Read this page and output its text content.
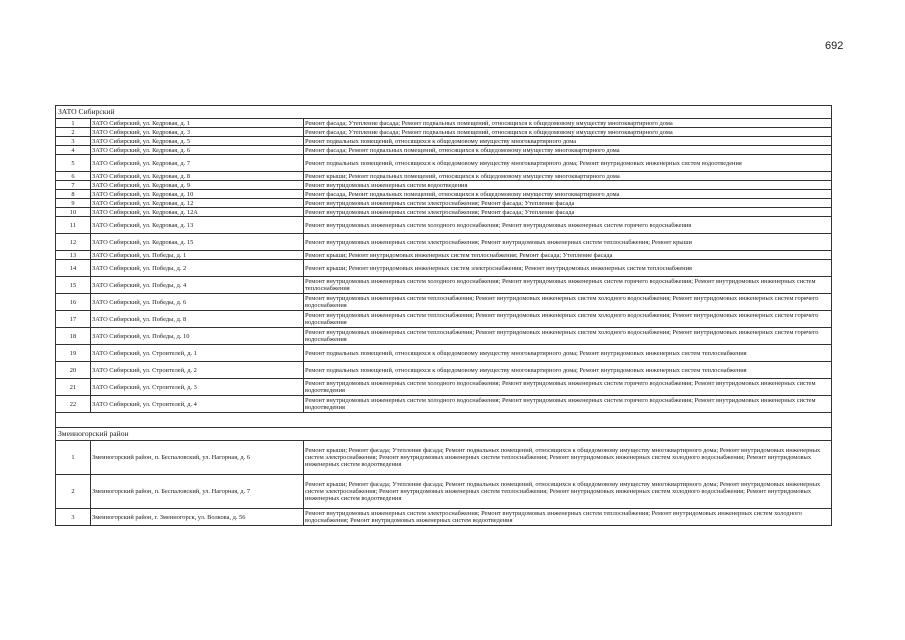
692
ЗАТО Сибирский		
1	ЗАТО Сибирский, ул. Кедровая, д. 1	Ремонт фасада; Утепление фасада; Ремонт подвальных помещений, относящихся к общедомовому имуществу многоквартирного дома
2	ЗАТО Сибирский, ул. Кедровая, д. 3	Ремонт фасада; Утепление фасада; Ремонт подвальных помещений, относящихся к общедомовому имуществу многоквартирного дома
3	ЗАТО Сибирский, ул. Кедровая, д. 5	Ремонт подвальных помещений, относящихся к общедомовому имуществу многоквартирного дома
4	ЗАТО Сибирский, ул. Кедровая, д. 6	Ремонт фасада; Ремонт подвальных помещений, относящихся к общедомовому имуществу многоквартирного дома
5	ЗАТО Сибирский, ул. Кедровая, д. 7	Ремонт подвальных помещений, относящихся к общедомовому имуществу многоквартирного дома; Ремонт внутридомовых инженерных систем водоотведения
6	ЗАТО Сибирский, ул. Кедровая, д. 8	Ремонт крыши; Ремонт подвальных помещений, относящихся к общедомовому имуществу многоквартирного дома
7	ЗАТО Сибирский, ул. Кедровая, д. 9	Ремонт внутридомовых инженерных систем водоотведения
8	ЗАТО Сибирский, ул. Кедровая, д. 10	Ремонт фасада, Ремонт подвальных помещений, относящихся к общедомовому имуществу многоквартирного дома
9	ЗАТО Сибирский, ул. Кедровая, д. 12	Ремонт внутридомовых инженерных систем электроснабжения; Ремонт фасада; Утепление фасада
10	ЗАТО Сибирский, ул. Кедровая, д. 12А	Ремонт внутридомовых инженерных систем электроснабжения; Ремонт фасада; Утепление фасада
11	ЗАТО Сибирский, ул. Кедровая, д. 13	Ремонт внутридомовых инженерных систем холодного водоснабжения; Ремонт внутридомовых инженерных систем горячего водоснабжения
12	ЗАТО Сибирский, ул. Кедровая, д. 15	Ремонт внутридомовых инженерных систем электроснабжения; Ремонт внутридомовых инженерных систем теплоснабжения; Ремонт крыши
13	ЗАТО Сибирский, ул. Победы, д. 1	Ремонт крыши; Ремонт внутридомовых инженерных систем теплоснабжения; Ремонт фасада; Утепление фасада
14	ЗАТО Сибирский, ул. Победы, д. 2	Ремонт крыши; Ремонт внутридомовых инженерных систем электроснабжения; Ремонт внутридомовых инженерных систем теплоснабжения
15	ЗАТО Сибирский, ул. Победы, д. 4	Ремонт внутридомовых инженерных систем холодного водоснабжения; Ремонт внутридомовых инженерных систем горячего водоснабжения; Ремонт внутридомовых инженерных систем теплоснабжения
16	ЗАТО Сибирский, ул. Победы, д. 6	Ремонт внутридомовых инженерных систем теплоснабжения; Ремонт внутридомовых инженерных систем холодного водоснабжения; Ремонт внутридомовых инженерных систем горячего водоснабжения
17	ЗАТО Сибирский, ул. Победы, д. 8	Ремонт внутридомовых инженерных систем теплоснабжения; Ремонт внутридомовых инженерных систем холодного водоснабжения; Ремонт внутридомовых инженерных систем горячего водоснабжения
18	ЗАТО Сибирский, ул. Победы, д. 10	Ремонт внутридомовых инженерных систем теплоснабжения; Ремонт внутридомовых инженерных систем холодного водоснабжения; Ремонт внутридомовых инженерных систем горячего водоснабжения
19	ЗАТО Сибирский, ул. Строителей, д. 1	Ремонт подвальных помещений, относящихся к общедомовому имуществу многоквартирного дома; Ремонт внутридомовых инженерных систем теплоснабжения
20	ЗАТО Сибирский, ул. Строителей, д. 2	Ремонт подвальных помещений, относящихся к общедомовому имуществу многоквартирного дома; Ремонт внутридомовых инженерных систем теплоснабжения
21	ЗАТО Сибирский, ул. Строителей, д. 3	Ремонт внутридомовых инженерных систем холодного водоснабжения; Ремонт внутридомовых инженерных систем горячего водоснабжения; Ремонт внутридомовых инженерных систем водоотведения
22	ЗАТО Сибирский, ул. Строителей, д. 4	Ремонт внутридомовых инженерных систем холодного водоснабжения; Ремонт внутридомовых инженерных систем горячего водоснабжения; Ремонт внутридомовых инженерных систем водоотведения

Змеиногорский район		
1	Змеиногорский район, п. Беспаловский, ул. Нагорная, д. 6	Ремонт крыши; Ремонт фасада; Утепление фасада; Ремонт подвальных помещений, относящихся к общедомовому имуществу многоквартирного дома; Ремонт внутридомовых инженерных систем электроснабжения; Ремонт внутридомовых инженерных систем теплоснабжения; Ремонт внутридомовых инженерных систем холодного водоснабжения; Ремонт внутридомовых инженерных систем водоотведения
2	Змеиногорский район, п. Беспаловский, ул. Нагорная, д. 7	Ремонт крыши; Ремонт фасада; Утепление фасада; Ремонт подвальных помещений, относящихся к общедомовому имуществу многоквартирного дома; Ремонт внутридомовых инженерных систем электроснабжения; Ремонт внутридомовых инженерных систем теплоснабжения; Ремонт внутридомовых инженерных систем холодного водоснабжения; Ремонт внутридомовых инженерных систем водоотведения
3	Змеиногорский район, г. Змеиногорск, ул. Волкова, д. 56	Ремонт внутридомовых инженерных систем электроснабжения; Ремонт внутридомовых инженерных систем теплоснабжения; Ремонт внутридомовых инженерных систем холодного водоснабжения; Ремонт внутридомовых инженерных систем водоотведения
